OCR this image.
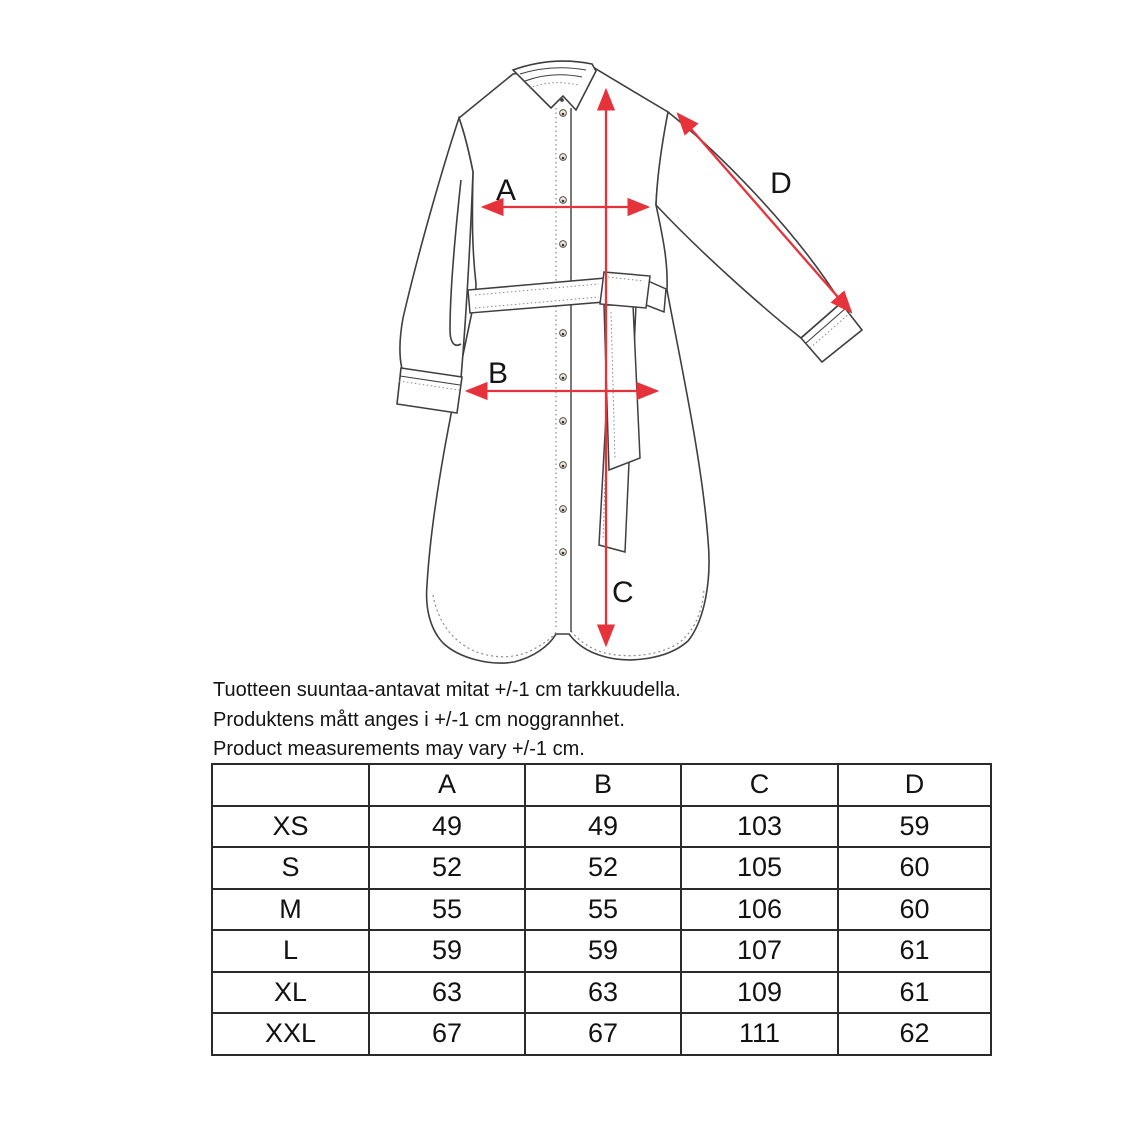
A
B
C
D
Tuotteen suuntaa-antavat mitat +/-1 cm tarkkuudella.
Produktens mått anges i +/-1 cm noggrannhet.
Product measurements may vary +/-1 cm.
	A	B	C	D
XS	49	49	103	59
S	52	52	105	60
M	55	55	106	60
L	59	59	107	61
XL	63	63	109	61
XXL	67	67	111	62
